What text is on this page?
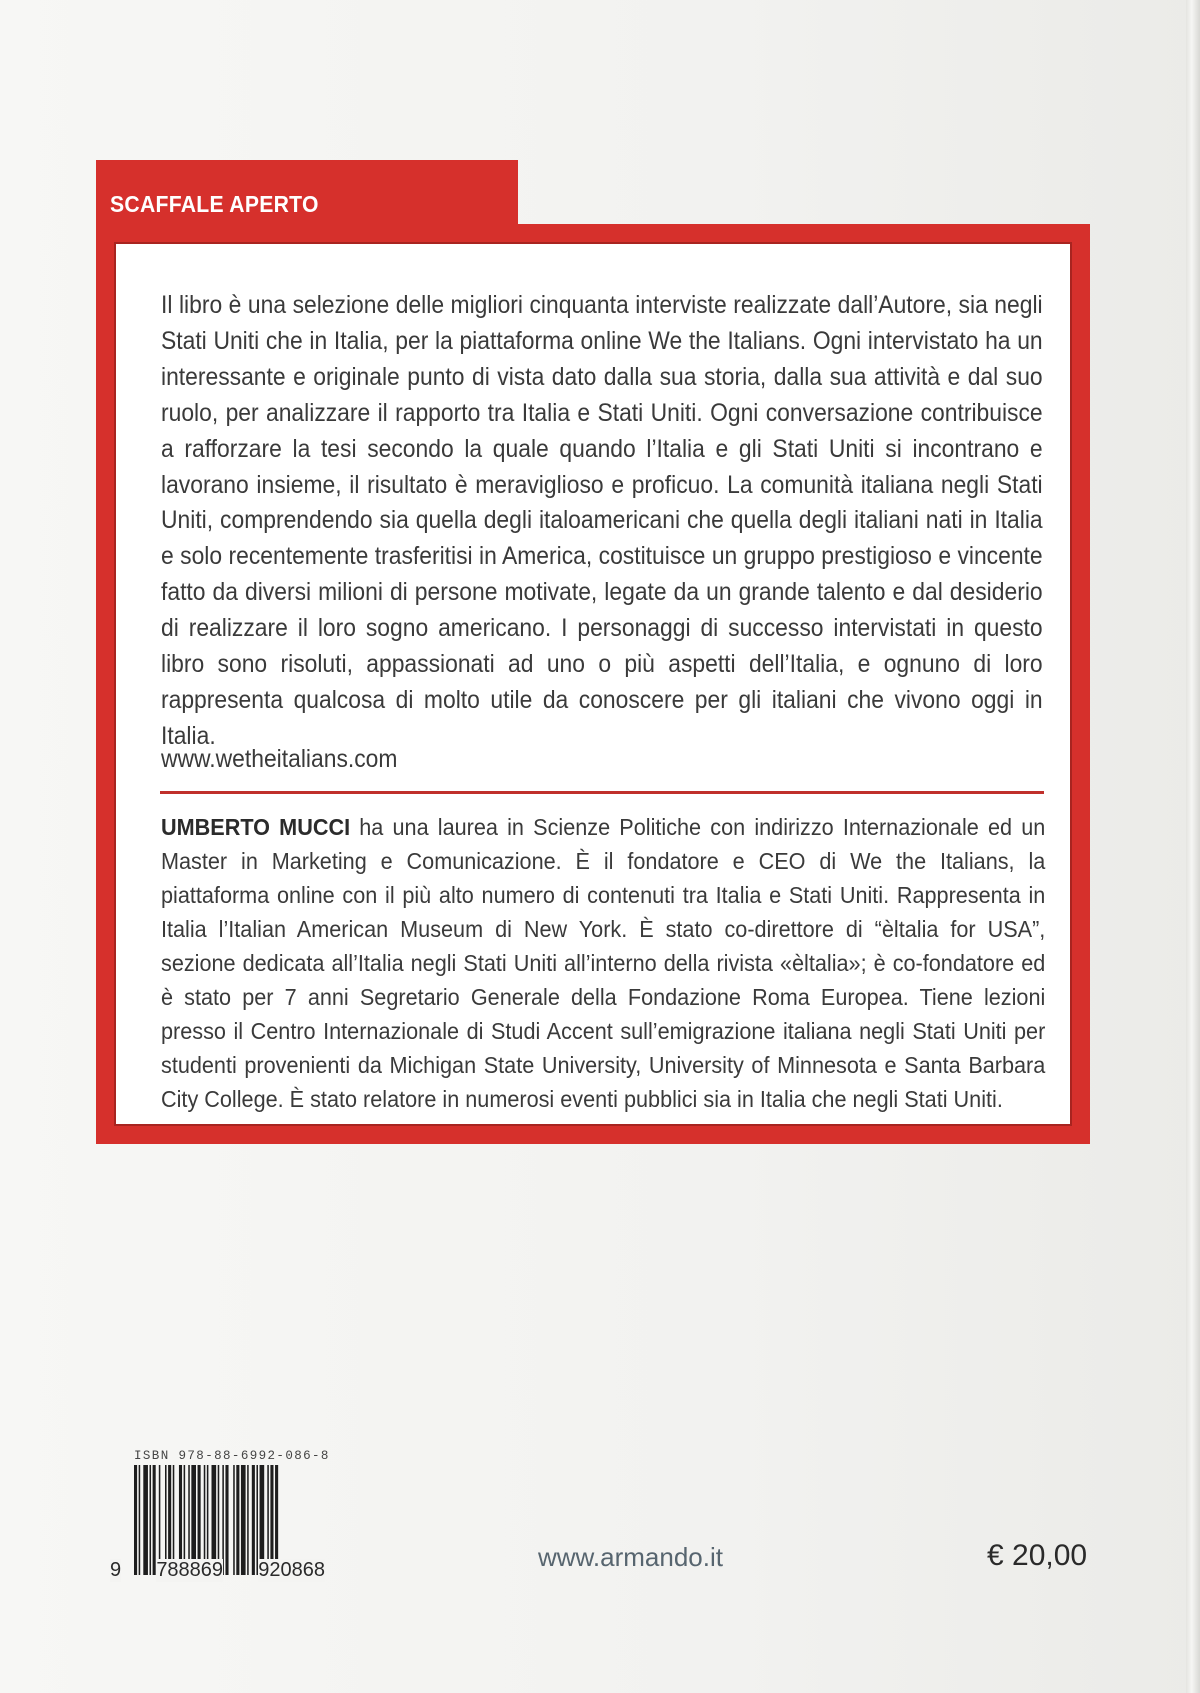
SCAFFALE APERTO
Il libro è una selezione delle migliori cinquanta interviste realizzate dall’Autore, sia negli Stati Uniti che in Italia, per la piattaforma online We the Italians. Ogni intervistato ha un interessante e originale punto di vista dato dalla sua storia, dalla sua attività e dal suo ruolo, per analizzare il rapporto tra Italia e Stati Uniti. Ogni conversazione contribuisce a rafforzare la tesi secondo la quale quando l’Italia e gli Stati Uniti si incontrano e lavorano insieme, il risultato è meraviglioso e proficuo. La comunità italiana negli Stati Uniti, comprendendo sia quella degli italoamericani che quella degli italiani nati in Italia e solo recentemente trasferitisi in America, costituisce un gruppo prestigioso e vincente fatto da diversi milioni di persone motivate, legate da un grande talento e dal desiderio di realizzare il loro sogno americano. I personaggi di successo intervistati in questo libro sono risoluti, appassionati ad uno o più aspetti dell’Italia, e ognuno di loro rappresenta qualcosa di molto utile da conoscere per gli italiani che vivono oggi in Italia.
www.wetheitalians.com
UMBERTO MUCCI ha una laurea in Scienze Politiche con indirizzo Internazionale ed un Master in Marketing e Comunicazione. È il fondatore e CEO di We the Italians, la piattaforma online con il più alto numero di contenuti tra Italia e Stati Uniti. Rappresenta in Italia l’Italian American Museum di New York. È stato co-direttore di “èltalia for USA”, sezione dedicata all’Italia negli Stati Uniti all’interno della rivista «èltalia»; è co-fondatore ed è stato per 7 anni Segretario Generale della Fondazione Roma Europea. Tiene lezioni presso il Centro Internazionale di Studi Accent sull’emigrazione italiana negli Stati Uniti per studenti provenienti da Michigan State University, University of Minnesota e Santa Barbara City College. È stato relatore in numerosi eventi pubblici sia in Italia che negli Stati Uniti.
ISBN 978-88-6992-086-8
9 788869 920868	www.armando.it	€ 20,00
